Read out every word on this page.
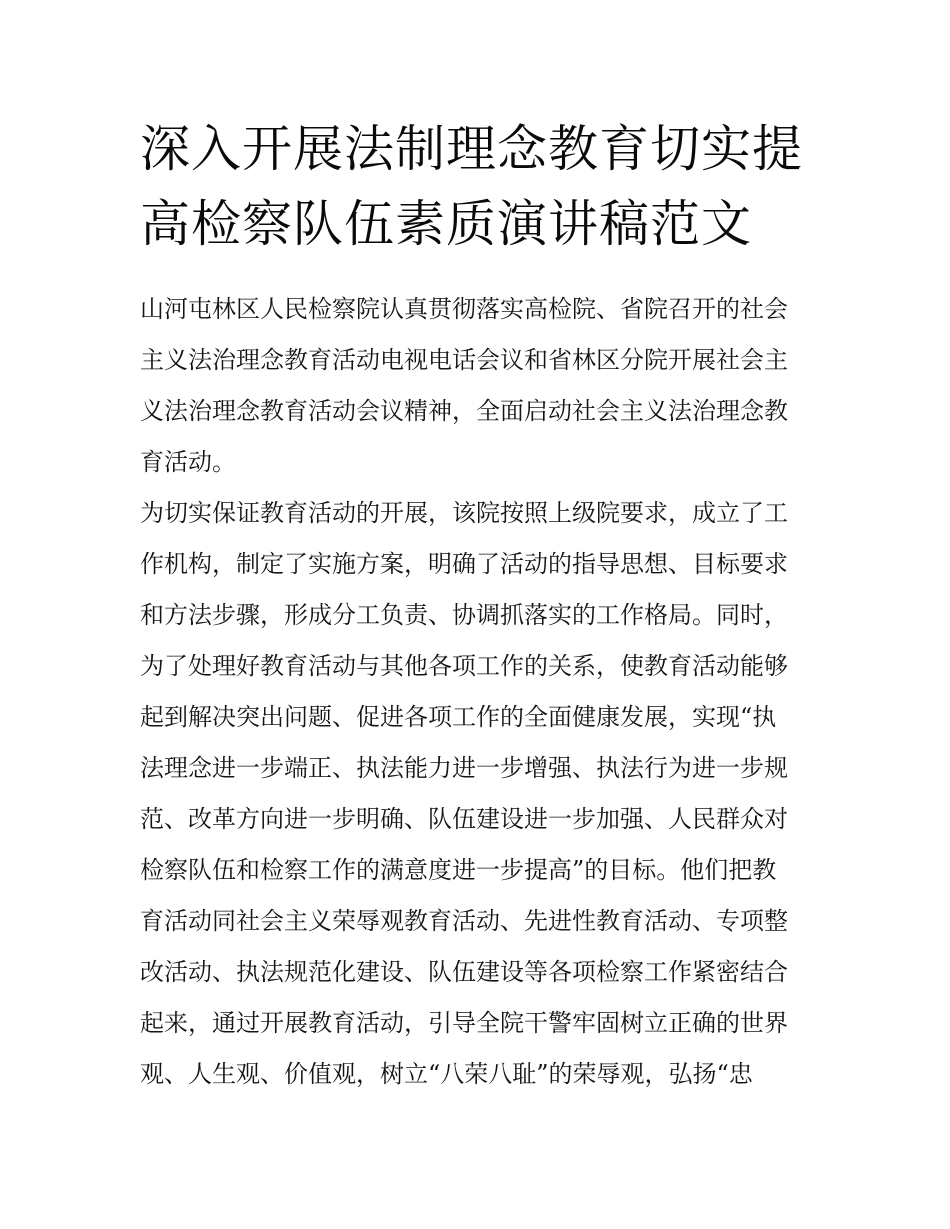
深入开展法制理念教育切实提
高检察队伍素质演讲稿范文
山河屯林区人民检察院认真贯彻落实高检院、省院召开的社会
主义法治理念教育活动电视电话会议和省林区分院开展社会主
义法治理念教育活动会议精神，全面启动社会主义法治理念教
育活动。
为切实保证教育活动的开展，该院按照上级院要求，成立了工
作机构，制定了实施方案，明确了活动的指导思想、目标要求
和方法步骤，形成分工负责、协调抓落实的工作格局。同时，
为了处理好教育活动与其他各项工作的关系，使教育活动能够
起到解决突出问题、促进各项工作的全面健康发展，实现“执
法理念进一步端正、执法能力进一步增强、执法行为进一步规
范、改革方向进一步明确、队伍建设进一步加强、人民群众对
检察队伍和检察工作的满意度进一步提高”的目标。他们把教
育活动同社会主义荣辱观教育活动、先进性教育活动、专项整
改活动、执法规范化建设、队伍建设等各项检察工作紧密结合
起来，通过开展教育活动，引导全院干警牢固树立正确的世界
观、人生观、价值观，树立“八荣八耻”的荣辱观，弘扬“忠
